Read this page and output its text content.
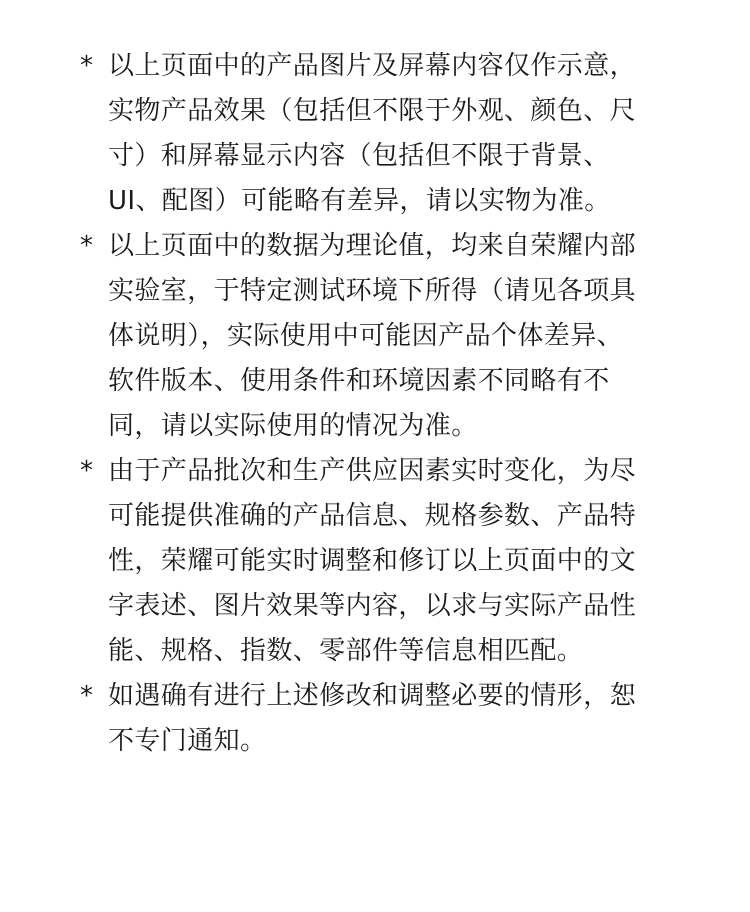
* 以上页面中的产品图片及屏幕内容仅作示意，
实物产品效果（包括但不限于外观、颜色、尺
寸）和屏幕显示内容（包括但不限于背景、
UI、配图）可能略有差异，请以实物为准。
* 以上页面中的数据为理论值，均来自荣耀内部
实验室，于特定测试环境下所得（请见各项具
体说明），实际使用中可能因产品个体差异、
软件版本、使用条件和环境因素不同略有不
同，请以实际使用的情况为准。
* 由于产品批次和生产供应因素实时变化，为尽
可能提供准确的产品信息、规格参数、产品特
性，荣耀可能实时调整和修订以上页面中的文
字表述、图片效果等内容，以求与实际产品性
能、规格、指数、零部件等信息相匹配。
* 如遇确有进行上述修改和调整必要的情形，恕
不专门通知。
